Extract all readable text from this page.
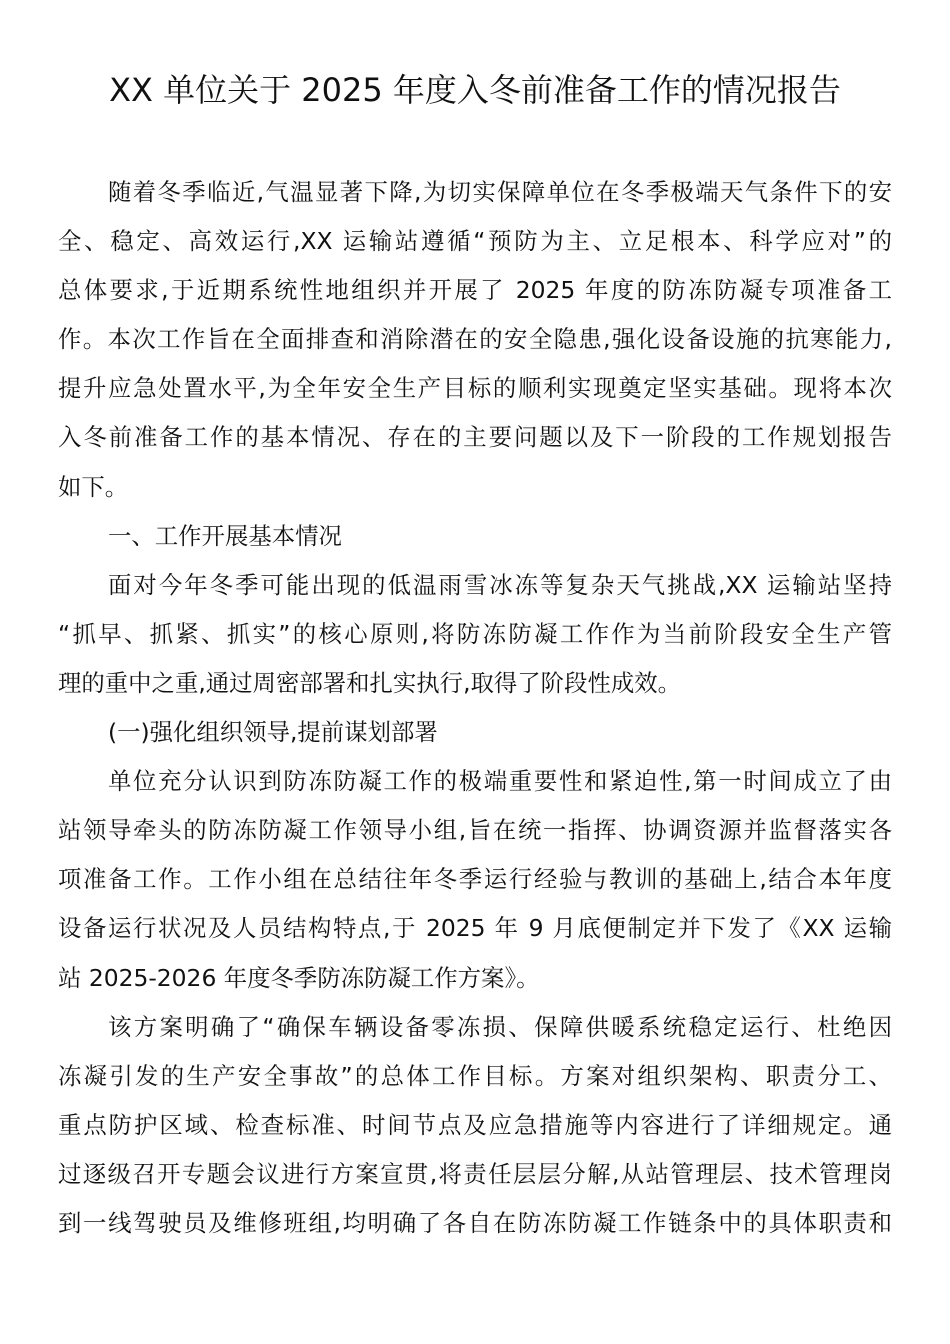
XX 单位关于 2025 年度入冬前准备工作的情况报告
随着冬季临近,气温显著下降,为切实保障单位在冬季极端天气条件下的安
全、稳定、高效运行,XX 运输站遵循“预防为主、立足根本、科学应对”的
总体要求,于近期系统性地组织并开展了 2025 年度的防冻防凝专项准备工
作。本次工作旨在全面排查和消除潜在的安全隐患,强化设备设施的抗寒能力,
提升应急处置水平,为全年安全生产目标的顺利实现奠定坚实基础。现将本次
入冬前准备工作的基本情况、存在的主要问题以及下一阶段的工作规划报告
如下。
一、工作开展基本情况
面对今年冬季可能出现的低温雨雪冰冻等复杂天气挑战,XX 运输站坚持
“抓早、抓紧、抓实”的核心原则,将防冻防凝工作作为当前阶段安全生产管
理的重中之重,通过周密部署和扎实执行,取得了阶段性成效。
(一)强化组织领导,提前谋划部署
单位充分认识到防冻防凝工作的极端重要性和紧迫性,第一时间成立了由
站领导牵头的防冻防凝工作领导小组,旨在统一指挥、协调资源并监督落实各
项准备工作。工作小组在总结往年冬季运行经验与教训的基础上,结合本年度
设备运行状况及人员结构特点,于 2025 年 9 月底便制定并下发了《XX 运输
站 2025-2026 年度冬季防冻防凝工作方案》。
该方案明确了“确保车辆设备零冻损、保障供暖系统稳定运行、杜绝因
冻凝引发的生产安全事故”的总体工作目标。方案对组织架构、职责分工、
重点防护区域、检查标准、时间节点及应急措施等内容进行了详细规定。通
过逐级召开专题会议进行方案宣贯,将责任层层分解,从站管理层、技术管理岗
到一线驾驶员及维修班组,均明确了各自在防冻防凝工作链条中的具体职责和
